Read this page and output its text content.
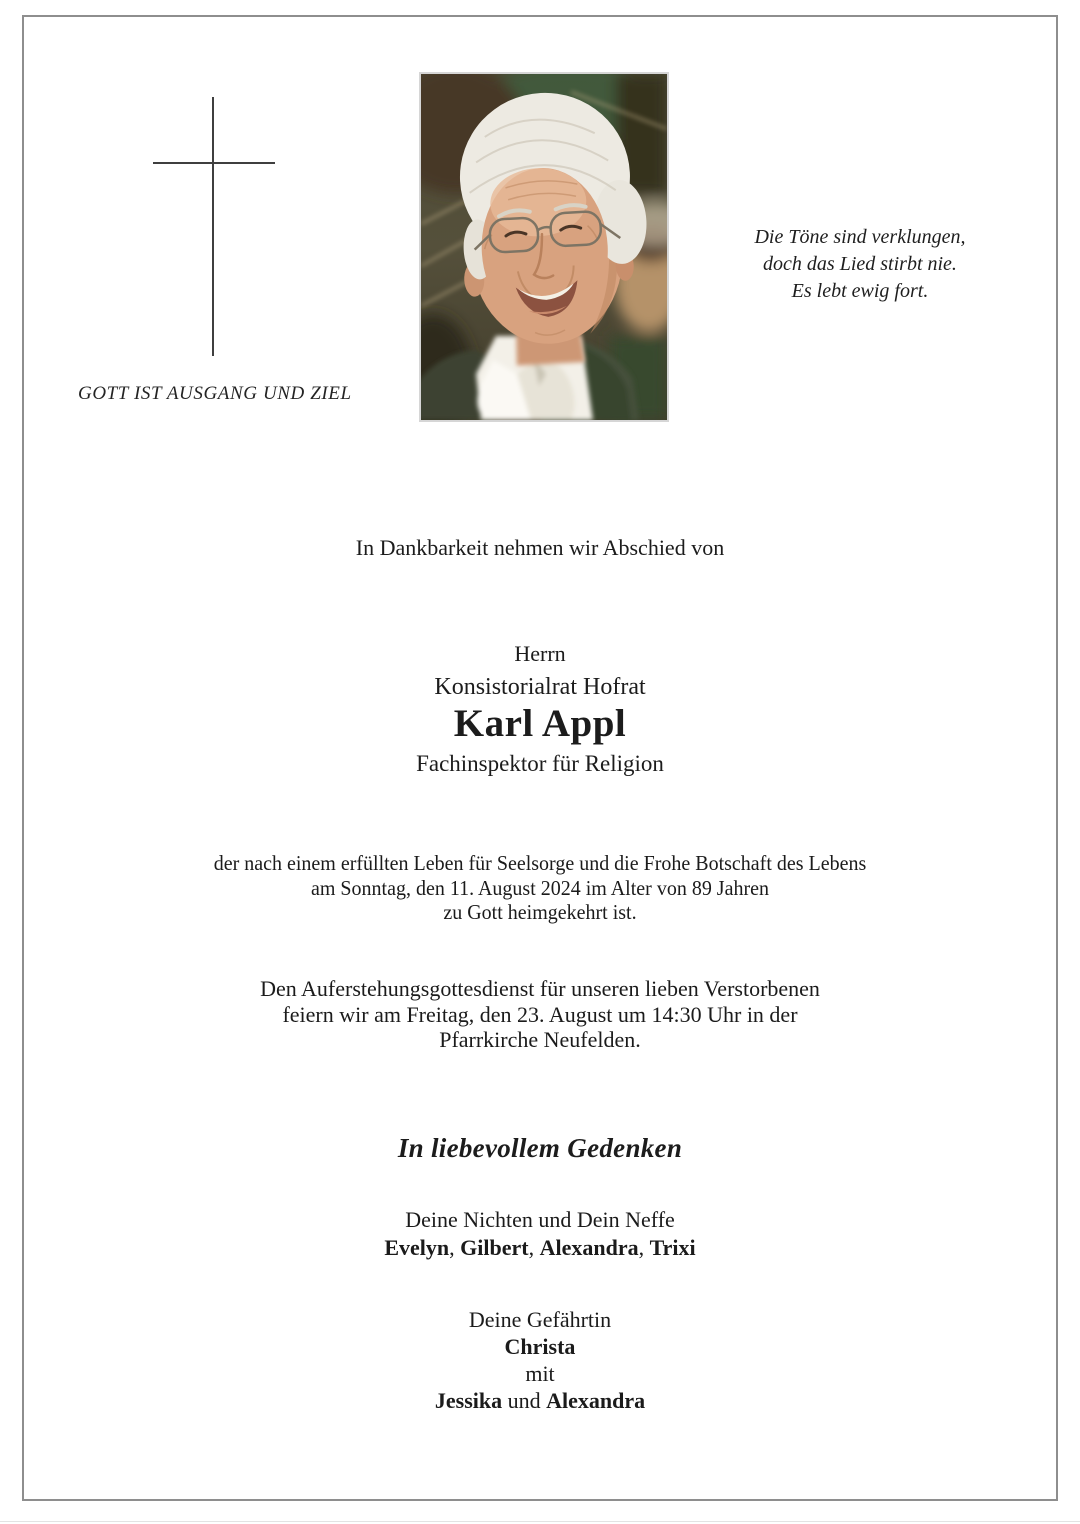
GOTT IST AUSGANG UND ZIEL
Die Töne sind verklungen,
doch das Lied stirbt nie.
Es lebt ewig fort.
In Dankbarkeit nehmen wir Abschied von
Herrn
Konsistorialrat Hofrat
Karl Appl
Fachinspektor für Religion
der nach einem erfüllten Leben für Seelsorge und die Frohe Botschaft des Lebens
am Sonntag, den 11. August 2024 im Alter von 89 Jahren
zu Gott heimgekehrt ist.
Den Auferstehungsgottesdienst für unseren lieben Verstorbenen
feiern wir am Freitag, den 23. August um 14:30 Uhr in der
Pfarrkirche Neufelden.
In liebevollem Gedenken
Deine Nichten und Dein Neffe
Evelyn, Gilbert, Alexandra, Trixi
Deine Gefährtin
Christa
mit
Jessika und Alexandra
